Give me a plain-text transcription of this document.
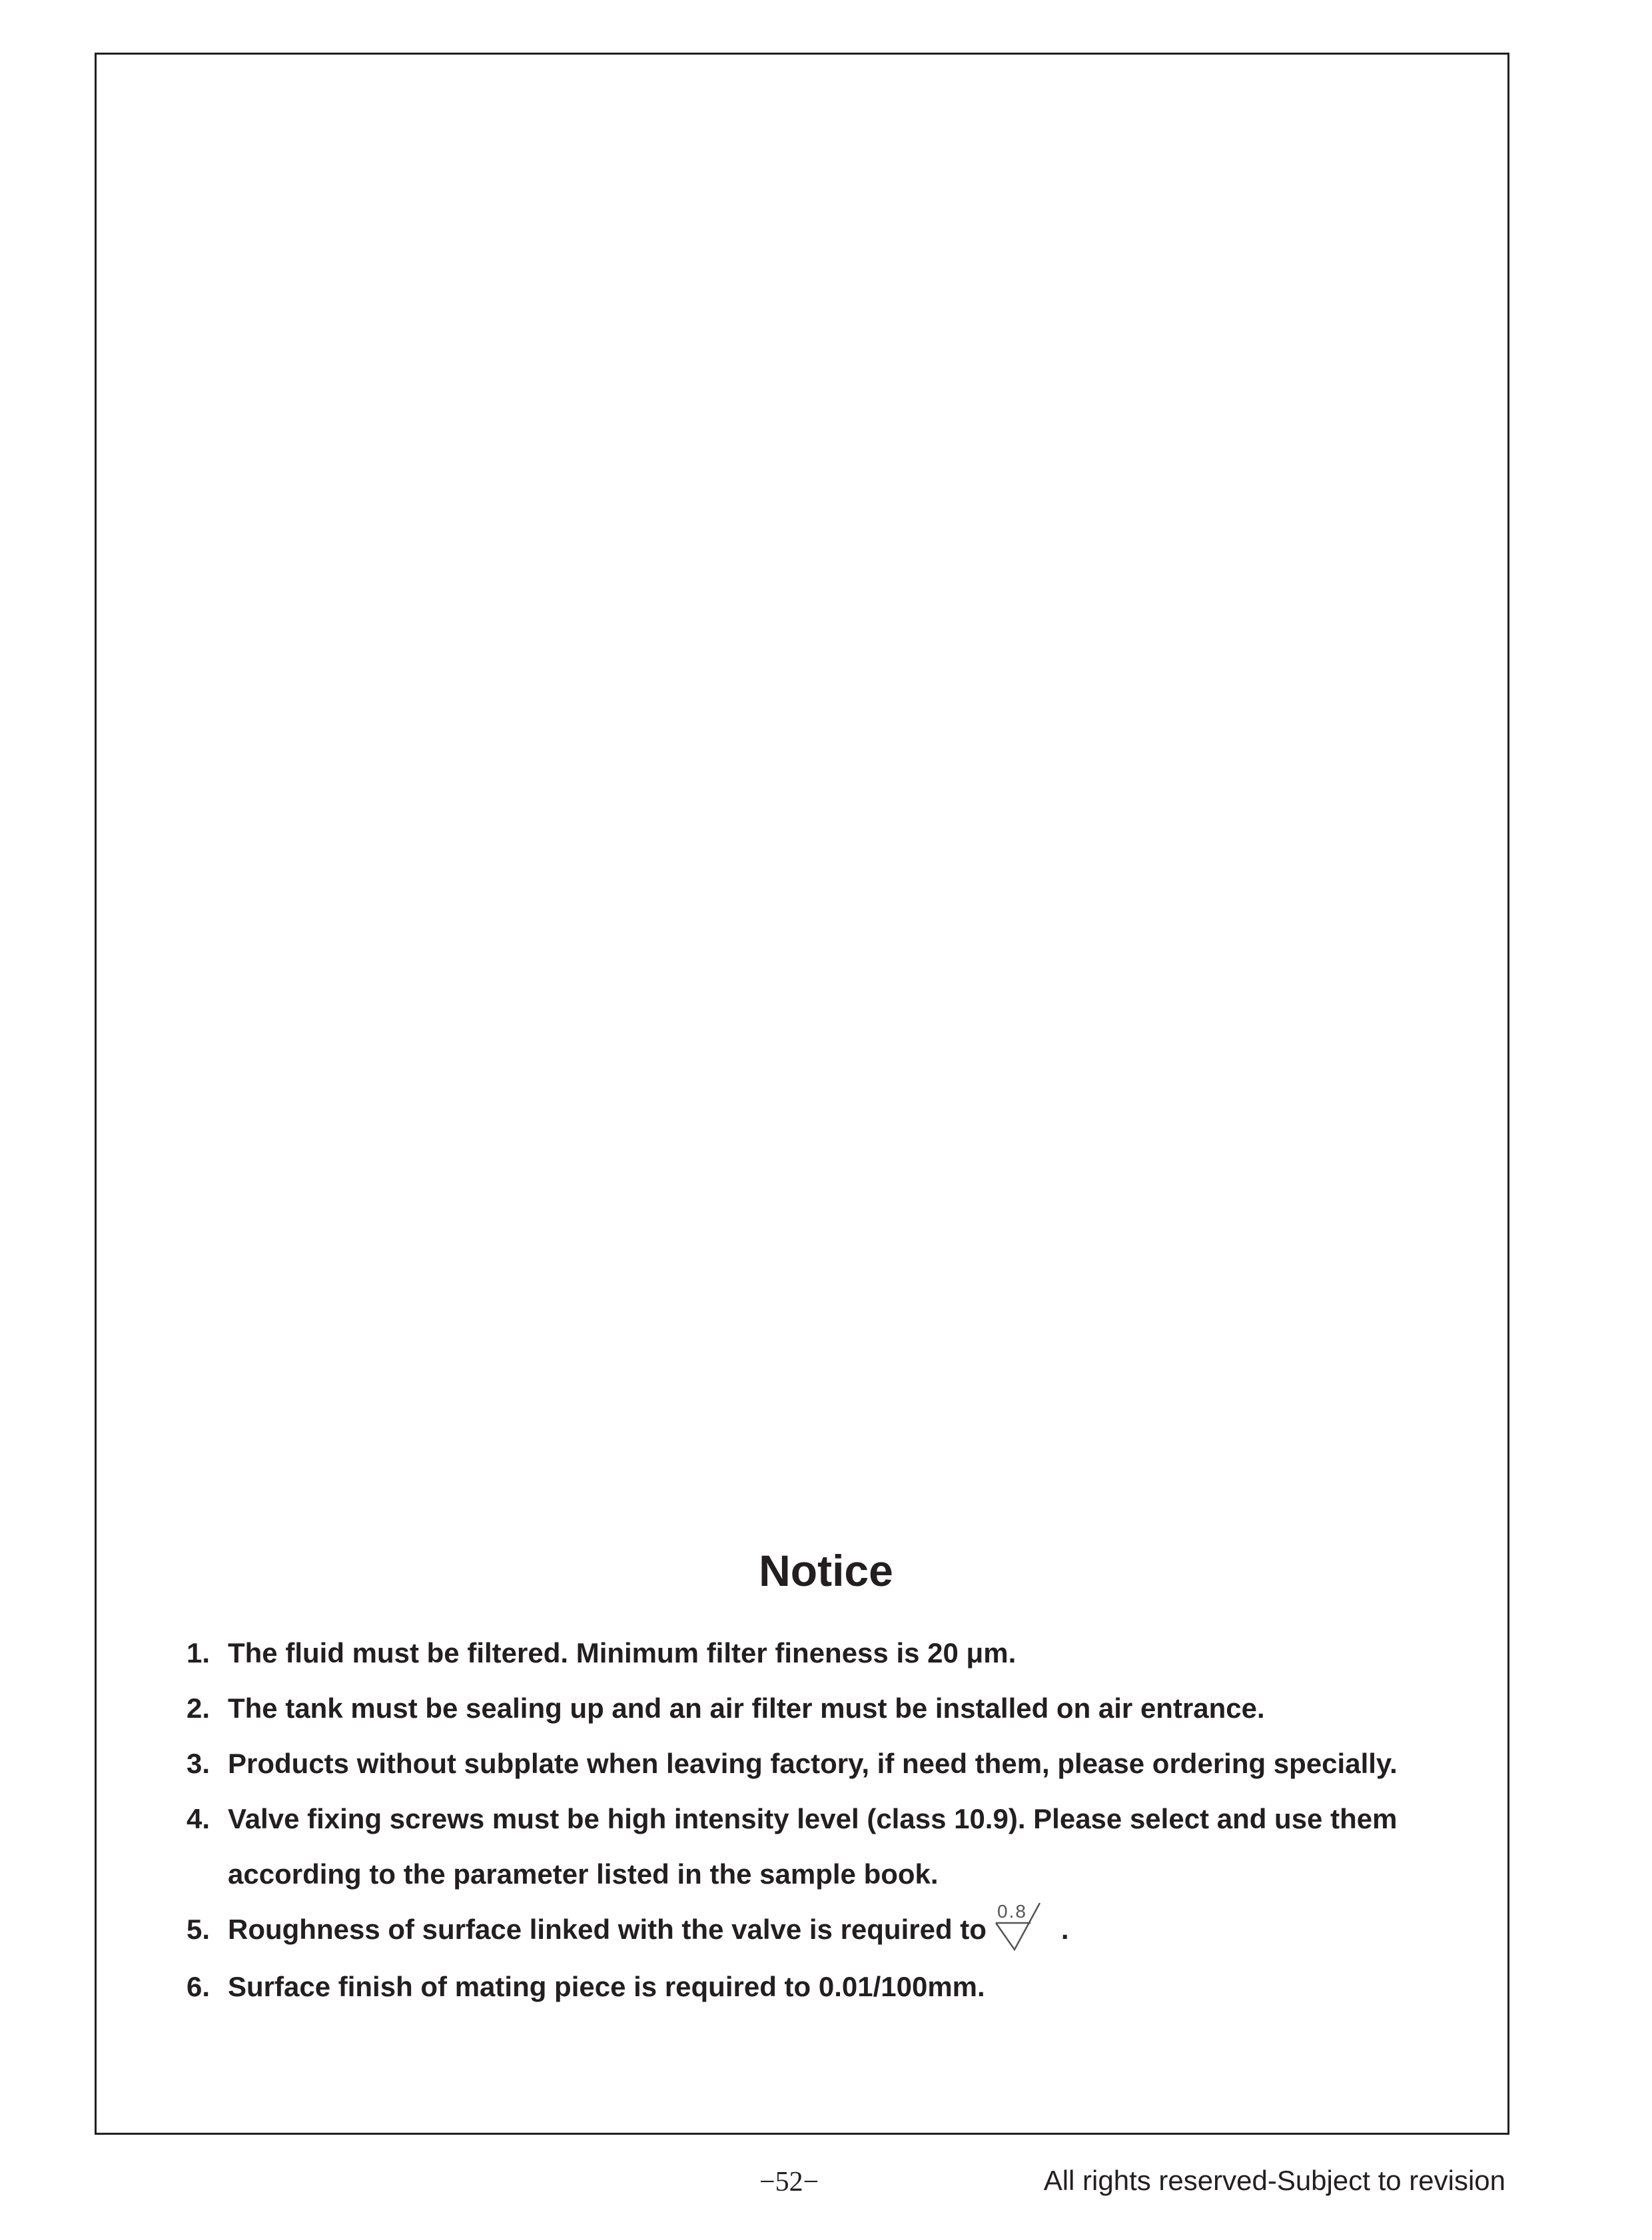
Notice
1. The fluid must be filtered. Minimum filter fineness is 20 μm.
2. The tank must be sealing up and an air filter must be installed on air entrance.
3. Products without subplate when leaving factory, if need them, please ordering specially.
4. Valve fixing screws must be high intensity level (class 10.9). Please select and use them
according to the parameter listed in the sample book.
5. Roughness of surface linked with the valve is required to
0.8
.
6. Surface finish of mating piece is required to 0.01/100mm.
−52−	All rights reserved-Subject to revision
